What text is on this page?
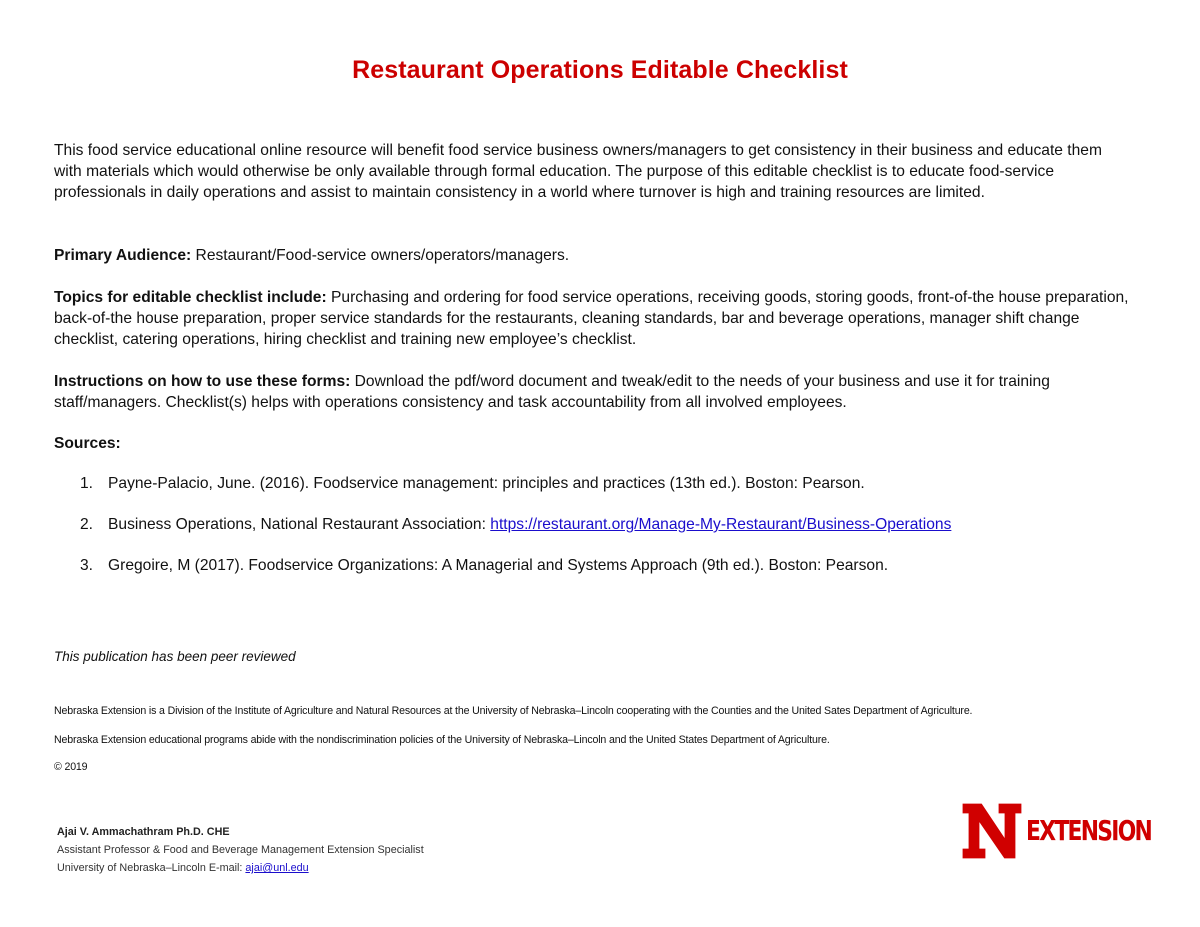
Restaurant Operations Editable Checklist
This food service educational online resource will benefit food service business owners/managers to get consistency in their business and educate them with materials which would otherwise be only available through formal education. The purpose of this editable checklist is to educate food-service professionals in daily operations and assist to maintain consistency in a world where turnover is high and training resources are limited.
Primary Audience: Restaurant/Food-service owners/operators/managers.
Topics for editable checklist include: Purchasing and ordering for food service operations, receiving goods, storing goods, front-of-the house preparation, back-of-the house preparation, proper service standards for the restaurants, cleaning standards, bar and beverage operations, manager shift change checklist, catering operations, hiring checklist and training new employee’s checklist.
Instructions on how to use these forms: Download the pdf/word document and tweak/edit to the needs of your business and use it for training staff/managers. Checklist(s) helps with operations consistency and task accountability from all involved employees.
Sources:
1. Payne-Palacio, June. (2016). Foodservice management: principles and practices (13th ed.). Boston: Pearson.
2. Business Operations, National Restaurant Association: https://restaurant.org/Manage-My-Restaurant/Business-Operations
3. Gregoire, M (2017). Foodservice Organizations: A Managerial and Systems Approach (9th ed.). Boston: Pearson.
This publication has been peer reviewed
Nebraska Extension is a Division of the Institute of Agriculture and Natural Resources at the University of Nebraska–Lincoln cooperating with the Counties and the United Sates Department of Agriculture.
Nebraska Extension educational programs abide with the nondiscrimination policies of the University of Nebraska–Lincoln and the United States Department of Agriculture.
© 2019
Ajai V. Ammachathram Ph.D. CHE
Assistant Professor & Food and Beverage Management Extension Specialist
University of Nebraska–Lincoln E-mail: ajai@unl.edu
EXTENSION
